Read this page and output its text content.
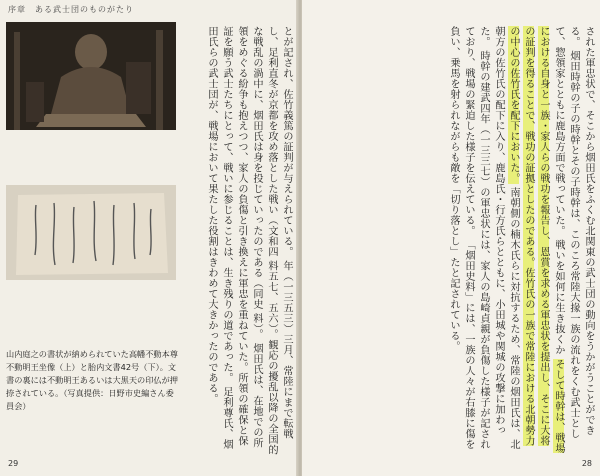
序章　ある武士団のものがたり

山内庭之の書状が納められていた高幡不動本尊不動明王坐像（上）と胎内文書42号（下）。文書の裏には不動明王あるいは大黒天の印仏が押捺されている。（写真提供：日野市史編さん委員会）	とが記され、佐竹義篤の証判が与えられている。 年（一三五三）三月、常陸にまで転戦し、足利直冬が京都を攻め落とした戦い（文和四 料五七、五六）。観応の擾乱以降の全国的な戦乱の渦中に、烟田氏は身を投じていったのである（同史 料）。 烟田氏は、在地での所領をめぐる紛争も抱えつつ、家人の負傷と引き換えに軍忠を重ねていた。所領の確保と保証を願う武士たちにとって、戦いに参じることは、生き残りの道であった。 足利尊氏、烟田氏らの武士団が、戦場において果たした役割はきわめて大きかったのである。

29

された軍忠状で、そこから烟田氏をふくむ北関東の武士団の動向をうかがうことができる。 烟田時幹の子の時幹とその子時幹は、このころ常陸大掾一族の流れをくむ武士として、惣領家とともに鹿島方面で戦っていた。 戦いを如何に生き抜くか そして時幹は、戦場における自身と一族・家人らの戦功を報告し、恩賞を求める軍忠状を提出し、そこに大将の証判を得ることで、戦功の証拠としたのである。佐竹氏の一族で常陸における北朝勢力の中心の佐竹氏を配下においた。 南朝側の楠木氏らに対抗するため、常陸の烟田氏は、北朝方の佐竹氏の配下に入り、鹿島氏・行方氏らとともに、小田城や関城の攻撃に加わった。 時幹の建武四年（一三三七）の軍忠状には、家人の島崎貞親が負傷した様子が記されており、戦場の緊迫した様子を伝えている。 「烟田史料」には、一族の人々が右膝に傷を負い、乗馬を射られながらも敵を「切り落とし」たと記されている。

28
